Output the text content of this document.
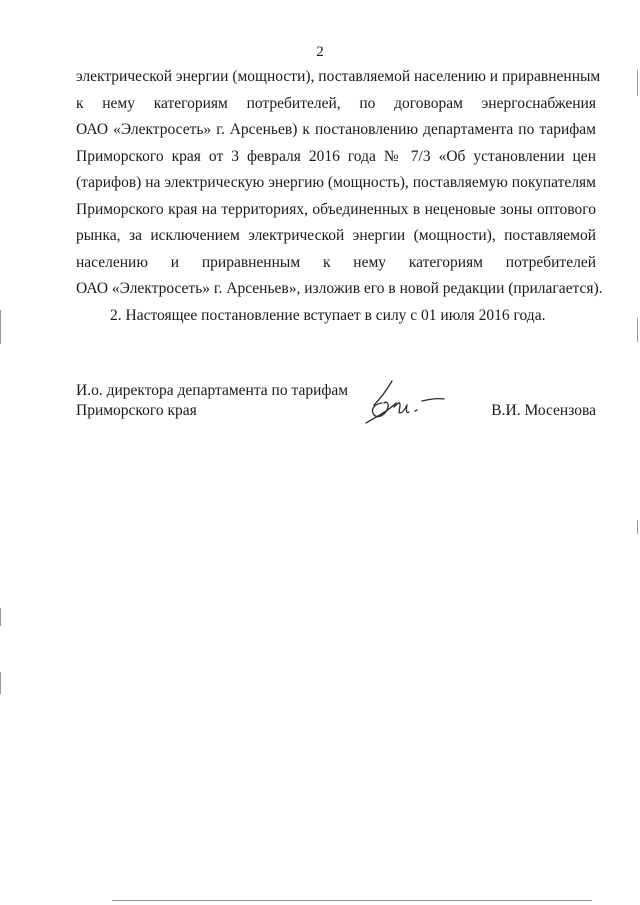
2
электрической энергии (мощности), поставляемой населению и приравненным
к нему категориям потребителей, по договорам энергоснабжения
ОАО «Электросеть» г. Арсеньев) к постановлению департамента по тарифам
Приморского края от 3 февраля 2016 года № 7/3 «Об установлении цен
(тарифов) на электрическую энергию (мощность), поставляемую покупателям
Приморского края на территориях, объединенных в неценовые зоны оптового
рынка, за исключением электрической энергии (мощности), поставляемой
населению и приравненным к нему категориям потребителей
ОАО «Электросеть» г. Арсеньев», изложив его в новой редакции (прилагается).
2. Настоящее постановление вступает в силу с 01 июля 2016 года.
И.о. директора департамента по тарифам
Приморского края	В.И. Мосензова
